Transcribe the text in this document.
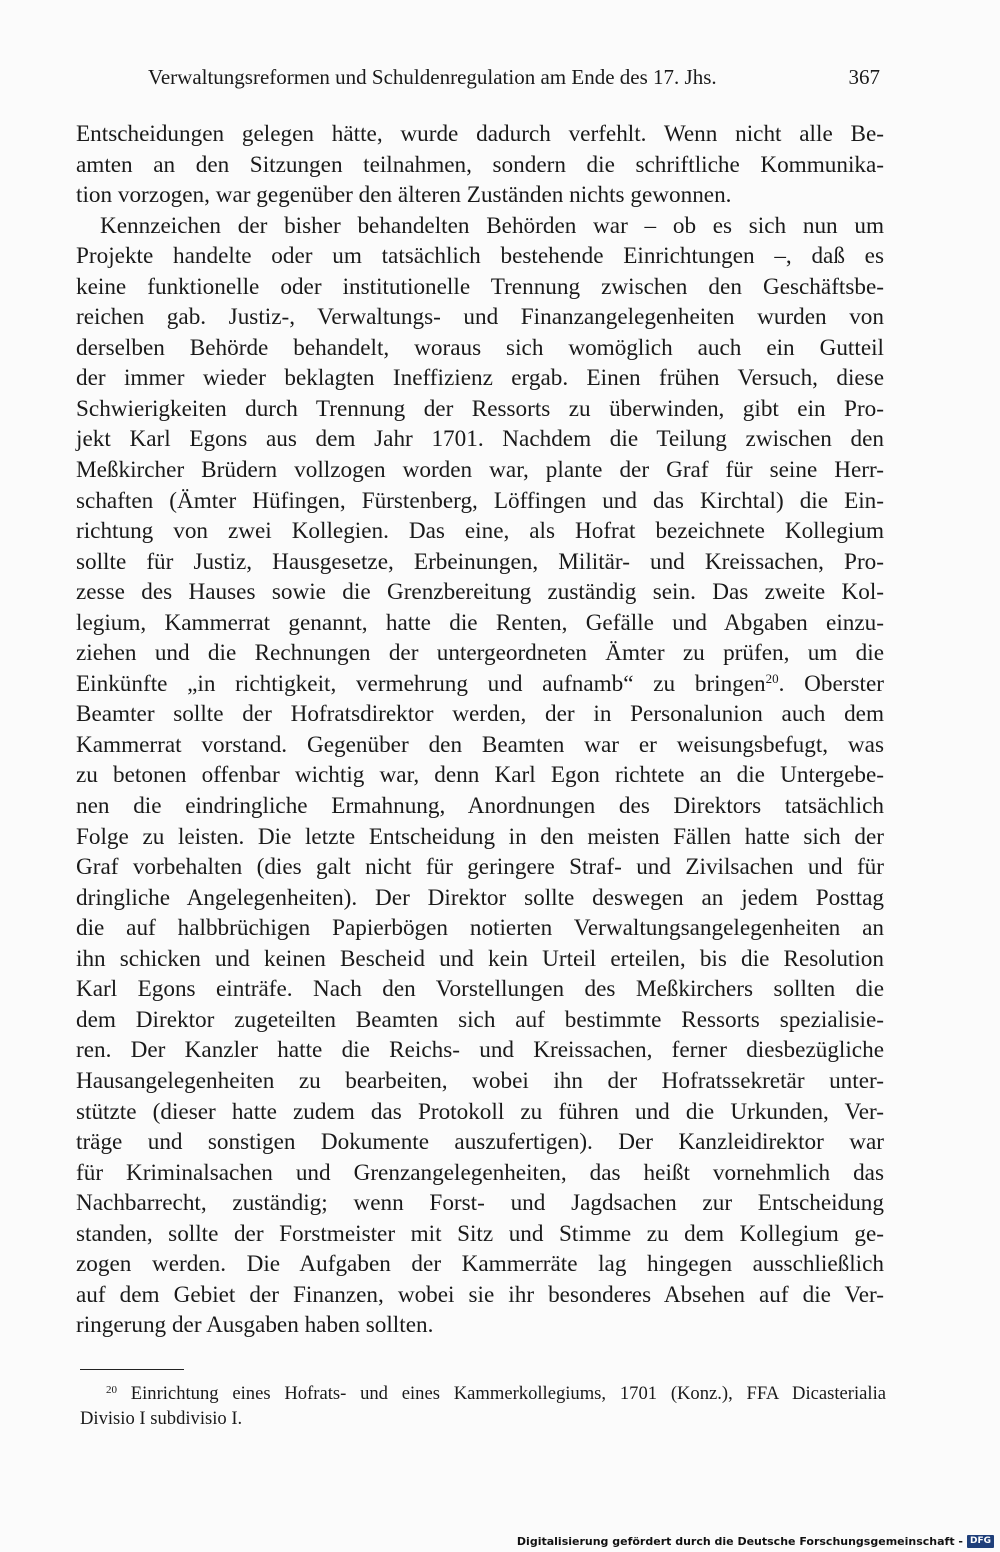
Verwaltungsreformen und Schuldenregulation am Ende des 17. Jhs.	367
Entscheidungen gelegen hätte, wurde dadurch verfehlt. Wenn nicht alle Be-
amten an den Sitzungen teilnahmen, sondern die schriftliche Kommunika-
tion vorzogen, war gegenüber den älteren Zuständen nichts gewonnen.
Kennzeichen der bisher behandelten Behörden war – ob es sich nun um
Projekte handelte oder um tatsächlich bestehende Einrichtungen –, daß es
keine funktionelle oder institutionelle Trennung zwischen den Geschäftsbe-
reichen gab. Justiz-, Verwaltungs- und Finanzangelegenheiten wurden von
derselben Behörde behandelt, woraus sich womöglich auch ein Gutteil
der immer wieder beklagten Ineffizienz ergab. Einen frühen Versuch, diese
Schwierigkeiten durch Trennung der Ressorts zu überwinden, gibt ein Pro-
jekt Karl Egons aus dem Jahr 1701. Nachdem die Teilung zwischen den
Meßkircher Brüdern vollzogen worden war, plante der Graf für seine Herr-
schaften (Ämter Hüfingen, Fürstenberg, Löffingen und das Kirchtal) die Ein-
richtung von zwei Kollegien. Das eine, als Hofrat bezeichnete Kollegium
sollte für Justiz, Hausgesetze, Erbeinungen, Militär- und Kreissachen, Pro-
zesse des Hauses sowie die Grenzbereitung zuständig sein. Das zweite Kol-
legium, Kammerrat genannt, hatte die Renten, Gefälle und Abgaben einzu-
ziehen und die Rechnungen der untergeordneten Ämter zu prüfen, um die
Einkünfte „in richtigkeit, vermehrung und aufnamb“ zu bringen$^{20}$. Oberster
Beamter sollte der Hofratsdirektor werden, der in Personalunion auch dem
Kammerrat vorstand. Gegenüber den Beamten war er weisungsbefugt, was
zu betonen offenbar wichtig war, denn Karl Egon richtete an die Untergebe-
nen die eindringliche Ermahnung, Anordnungen des Direktors tatsächlich
Folge zu leisten. Die letzte Entscheidung in den meisten Fällen hatte sich der
Graf vorbehalten (dies galt nicht für geringere Straf- und Zivilsachen und für
dringliche Angelegenheiten). Der Direktor sollte deswegen an jedem Posttag
die auf halbbrüchigen Papierbögen notierten Verwaltungsangelegenheiten an
ihn schicken und keinen Bescheid und kein Urteil erteilen, bis die Resolution
Karl Egons einträfe. Nach den Vorstellungen des Meßkirchers sollten die
dem Direktor zugeteilten Beamten sich auf bestimmte Ressorts spezialisie-
ren. Der Kanzler hatte die Reichs- und Kreissachen, ferner diesbezügliche
Hausangelegenheiten zu bearbeiten, wobei ihn der Hofratssekretär unter-
stützte (dieser hatte zudem das Protokoll zu führen und die Urkunden, Ver-
träge und sonstigen Dokumente auszufertigen). Der Kanzleidirektor war
für Kriminalsachen und Grenzangelegenheiten, das heißt vornehmlich das
Nachbarrecht, zuständig; wenn Forst- und Jagdsachen zur Entscheidung
standen, sollte der Forstmeister mit Sitz und Stimme zu dem Kollegium ge-
zogen werden. Die Aufgaben der Kammerräte lag hingegen ausschließlich
auf dem Gebiet der Finanzen, wobei sie ihr besonderes Absehen auf die Ver-
ringerung der Ausgaben haben sollten.
$^{20}$ Einrichtung eines Hofrats- und eines Kammerkollegiums, 1701 (Konz.), FFA Dicasterialia
Divisio I subdivisio I.
Digitalisierung gefördert durch die Deutsche Forschungsgemeinschaft - DFG
